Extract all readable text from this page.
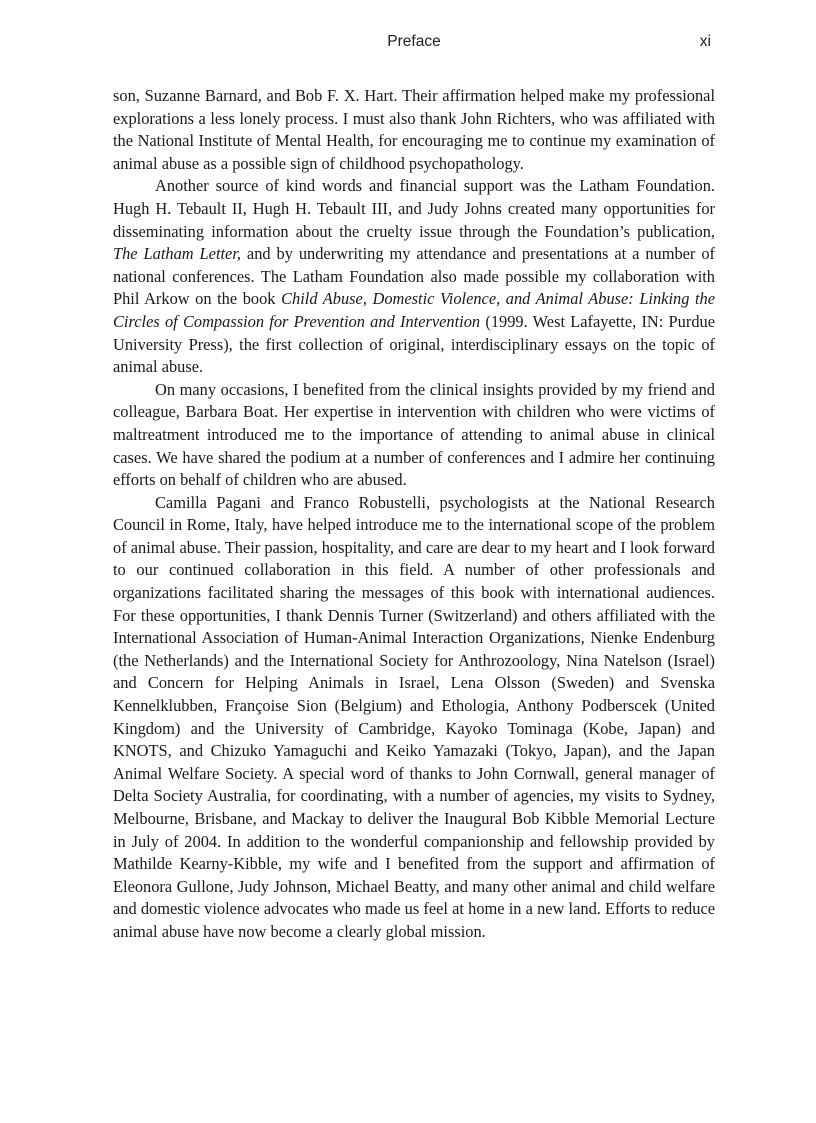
Preface	xi

son, Suzanne Barnard, and Bob F. X. Hart. Their affirmation helped make my professional explorations a less lonely process. I must also thank John Richters, who was affiliated with the National Institute of Mental Health, for encouraging me to continue my examination of animal abuse as a possible sign of childhood psychopathology.

Another source of kind words and financial support was the Latham Foundation. Hugh H. Tebault II, Hugh H. Tebault III, and Judy Johns created many opportunities for disseminating information about the cruelty issue through the Foundation’s publication, The Latham Letter, and by underwriting my attendance and presentations at a number of national conferences. The Latham Foundation also made possible my collaboration with Phil Arkow on the book Child Abuse, Domestic Violence, and Animal Abuse: Linking the Circles of Compassion for Prevention and Intervention (1999. West Lafayette, IN: Purdue University Press), the first collection of original, interdisciplinary essays on the topic of animal abuse.

On many occasions, I benefited from the clinical insights provided by my friend and colleague, Barbara Boat. Her expertise in intervention with children who were victims of maltreatment introduced me to the importance of attending to animal abuse in clinical cases. We have shared the podium at a number of conferences and I admire her continuing efforts on behalf of children who are abused.

Camilla Pagani and Franco Robustelli, psychologists at the National Research Council in Rome, Italy, have helped introduce me to the international scope of the problem of animal abuse. Their passion, hospitality, and care are dear to my heart and I look forward to our continued collaboration in this field. A number of other professionals and organizations facilitated sharing the messages of this book with international audiences. For these opportunities, I thank Dennis Turner (Switzerland) and others affiliated with the International Association of Human-Animal Interaction Organizations, Nienke Endenburg (the Netherlands) and the International Society for Anthrozoology, Nina Natelson (Israel) and Concern for Helping Animals in Israel, Lena Olsson (Sweden) and Svenska Kennelklubben, Françoise Sion (Belgium) and Ethologia, Anthony Podberscek (United Kingdom) and the University of Cambridge, Kayoko Tominaga (Kobe, Japan) and KNOTS, and Chizuko Yamaguchi and Keiko Yamazaki (Tokyo, Japan), and the Japan Animal Welfare Society. A special word of thanks to John Cornwall, general manager of Delta Society Australia, for coordinating, with a number of agencies, my visits to Sydney, Melbourne, Brisbane, and Mackay to deliver the Inaugural Bob Kibble Memorial Lecture in July of 2004. In addition to the wonderful companionship and fellowship provided by Mathilde Kearny-Kibble, my wife and I benefited from the support and affirmation of Eleonora Gullone, Judy Johnson, Michael Beatty, and many other animal and child welfare and domestic violence advocates who made us feel at home in a new land. Efforts to reduce animal abuse have now become a clearly global mission.
